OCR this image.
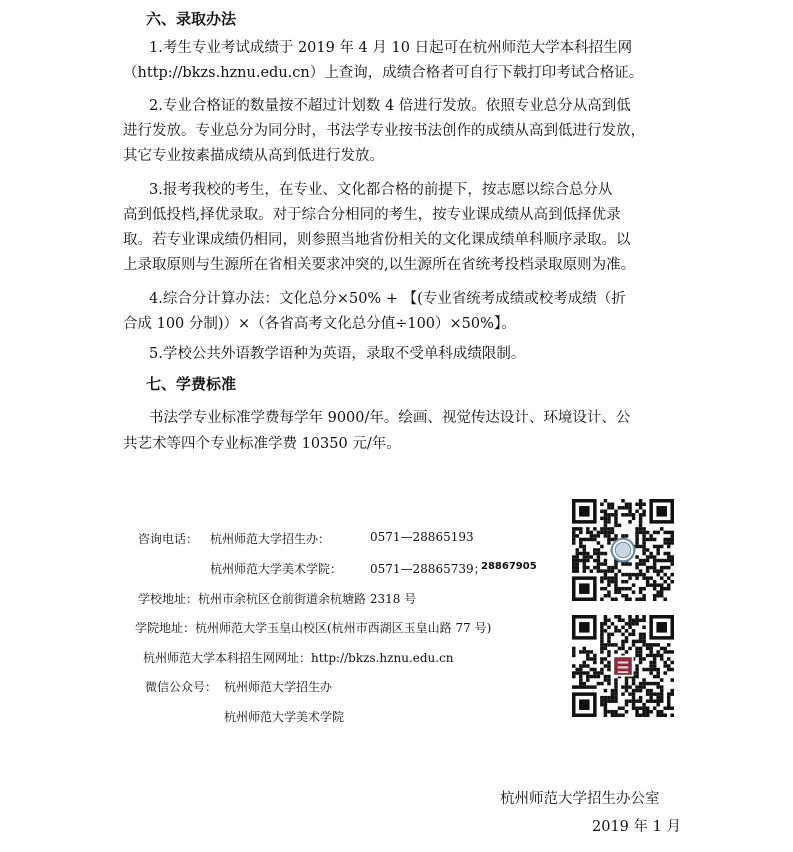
六、录取办法
1.考生专业考试成绩于 2019 年 4 月 10 日起可在杭州师范大学本科招生网
（http://bkzs.hznu.edu.cn）上查询，成绩合格者可自行下载打印考试合格证。
2.专业合格证的数量按不超过计划数 4 倍进行发放。依照专业总分从高到低
进行发放。专业总分为同分时，书法学专业按书法创作的成绩从高到低进行发放，
其它专业按素描成绩从高到低进行发放。
3.报考我校的考生，在专业、文化都合格的前提下，按志愿以综合总分从
高到低投档,择优录取。对于综合分相同的考生，按专业课成绩从高到低择优录
取。若专业课成绩仍相同，则参照当地省份相关的文化课成绩单科顺序录取。以
上录取原则与生源所在省相关要求冲突的,以生源所在省统考投档录取原则为准。
4.综合分计算办法：文化总分×50% + 【(专业省统考成绩或校考成绩（折
合成 100 分制)）×（各省高考文化总分值÷100）×50%】。
5.学校公共外语教学语种为英语，录取不受单科成绩限制。
七、学费标准
书法学专业标准学费每学年 9000/年。绘画、视觉传达设计、环境设计、公
共艺术等四个专业标准学费 10350 元/年。
咨询电话： 杭州师范大学招生办：	0571—28865193
杭州师范大学美术学院： 0571—28865739；
28867905
学校地址：杭州市余杭区仓前街道余杭塘路 2318 号
学院地址：杭州师范大学玉皇山校区(杭州市西湖区玉皇山路 77 号)
杭州师范大学本科招生网网址：http://bkzs.hznu.edu.cn
微信公众号： 杭州师范大学招生办
杭州师范大学美术学院
杭州师范大学招生办公室
2019 年 1 月
